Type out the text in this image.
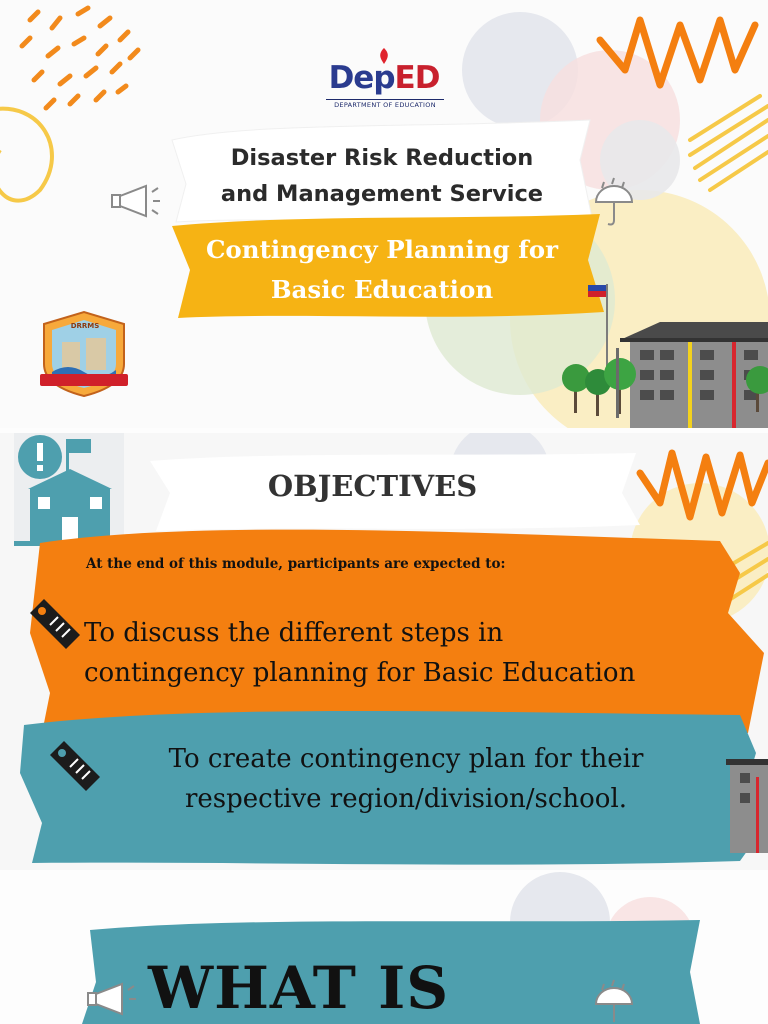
DepED
DEPARTMENT OF EDUCATION
Disaster Risk Reduction
and Management Service
Contingency Planning for
Basic Education
DRRMS
OBJECTIVES
At the end of this module, participants are expected to:
To discuss the different steps in
contingency planning for Basic Education
To create contingency plan for their
respective region/division/school.
WHAT IS
